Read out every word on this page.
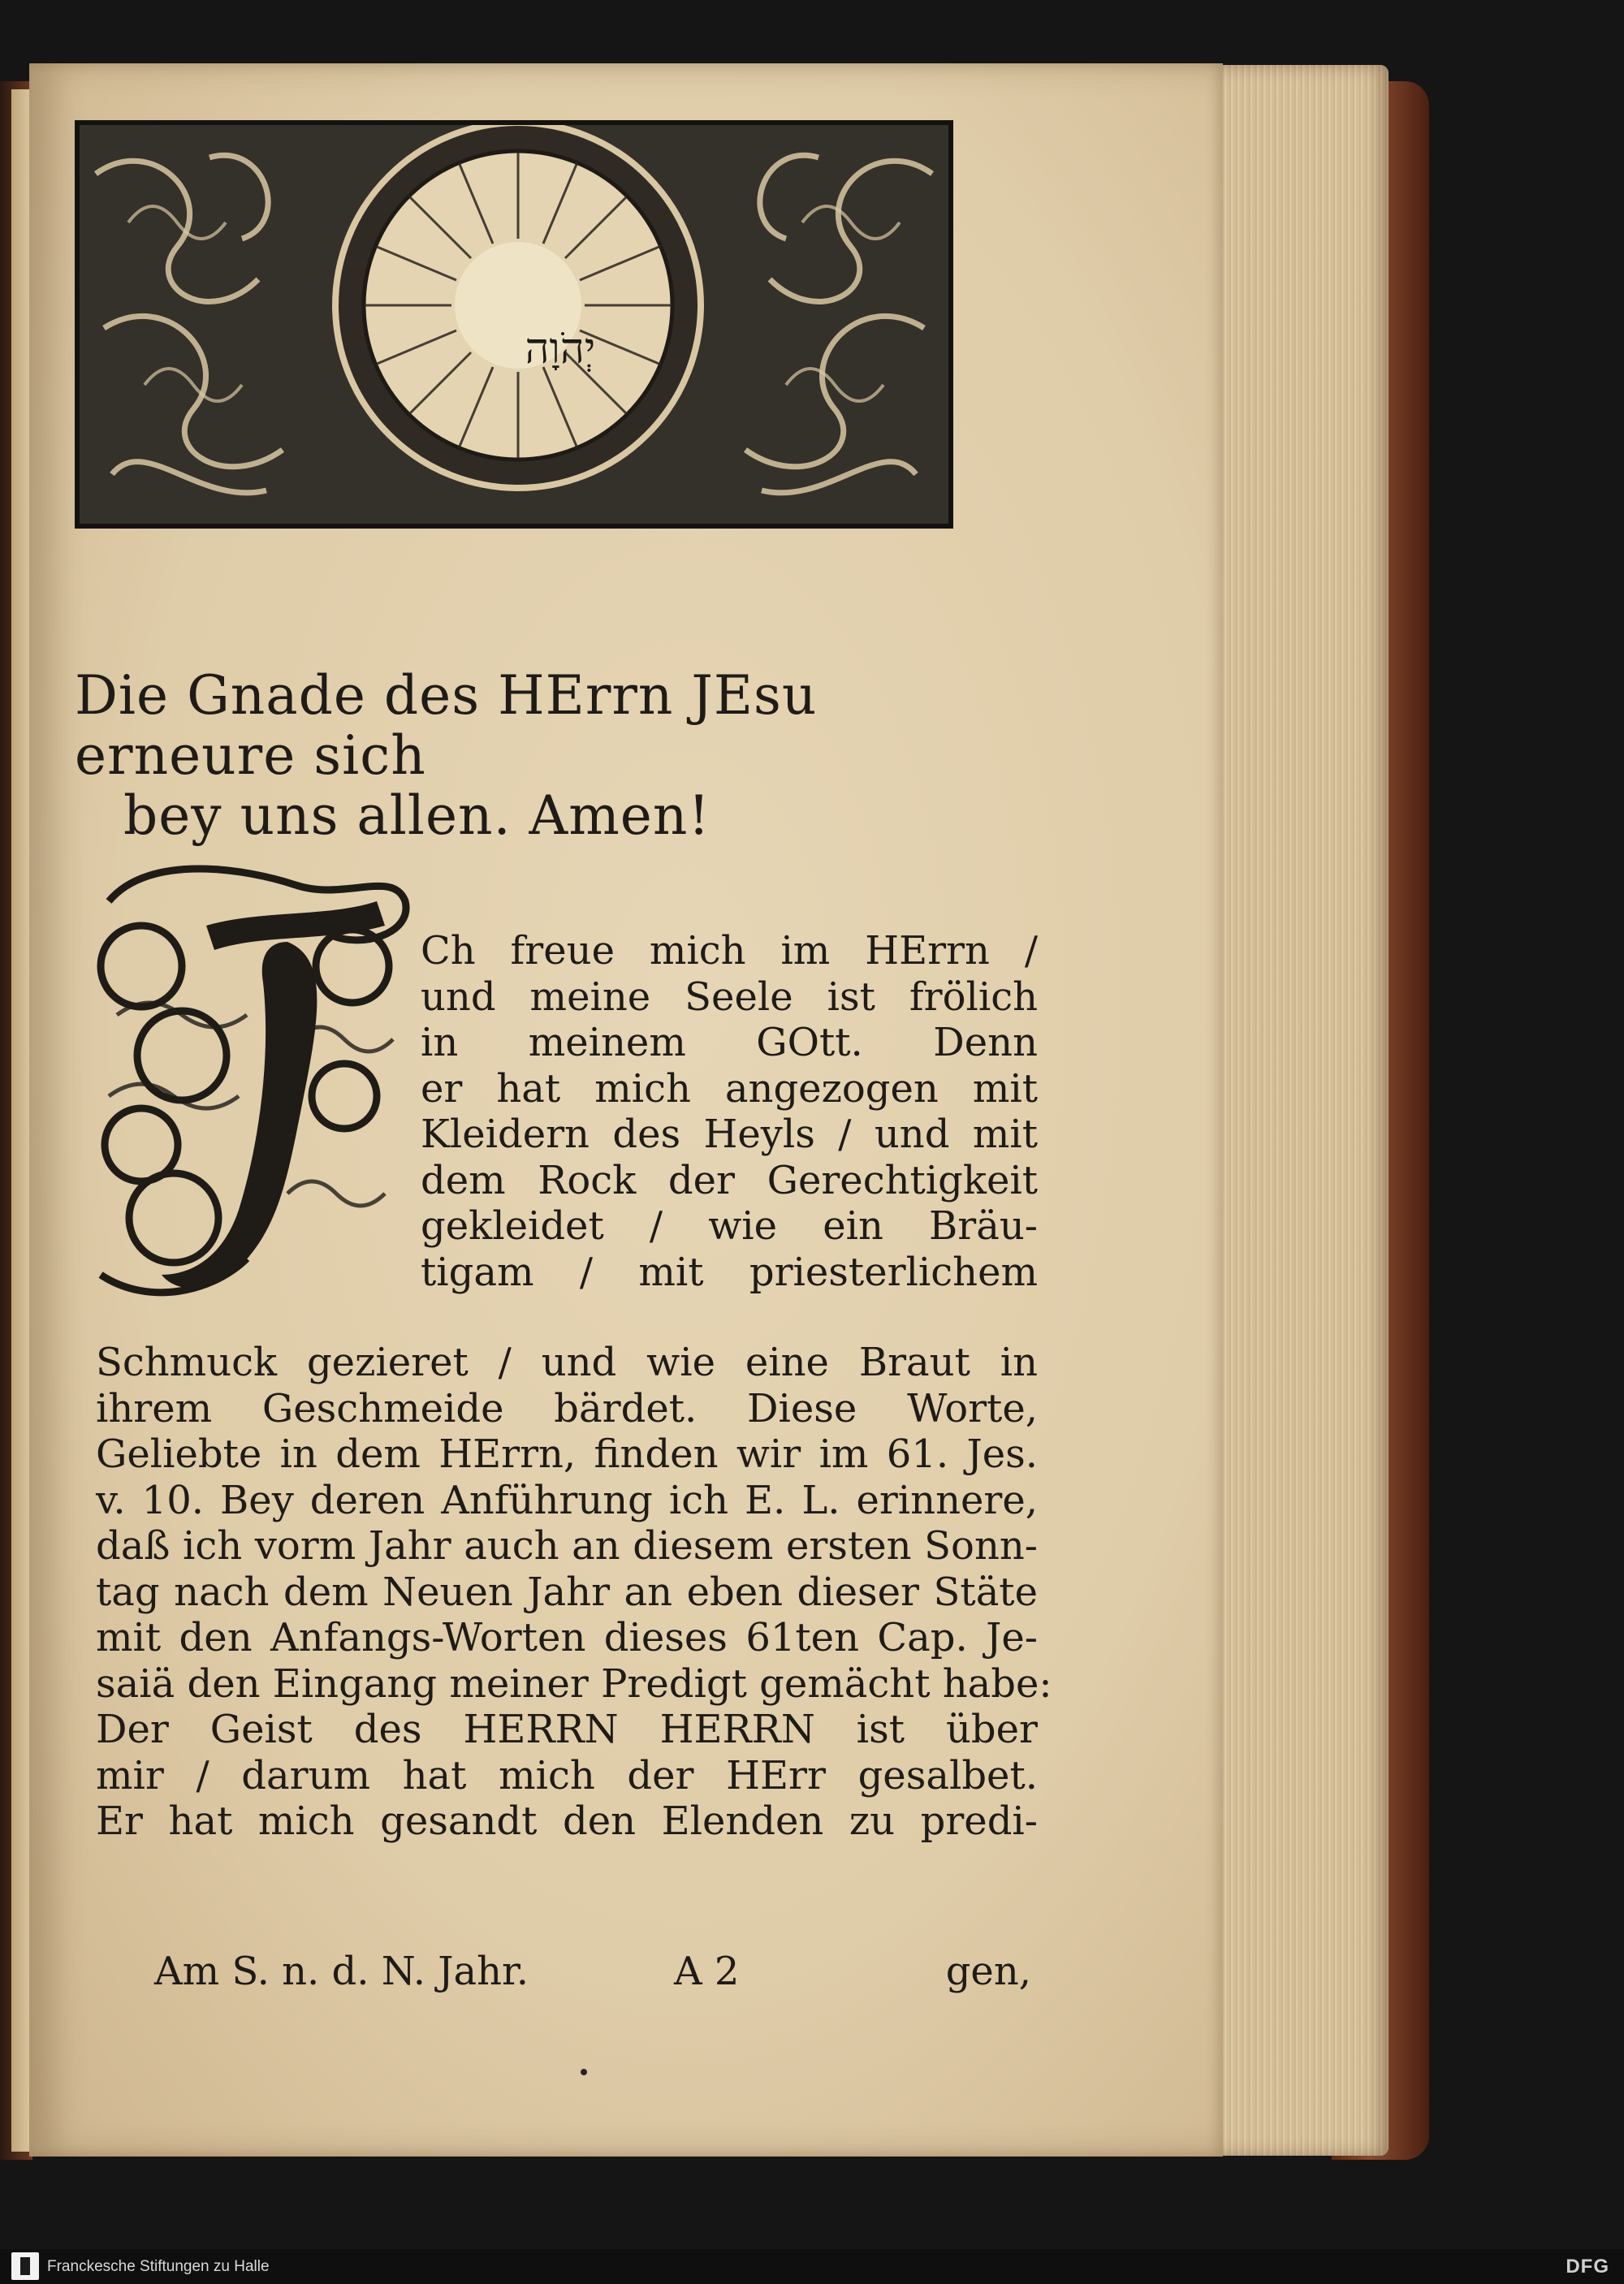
יְהֹוָה
Die Gnade des HErrn JEsu erneure sich
bey uns allen. Amen!
Ch freue mich im HErrn /
und meine Seele ist frölich
in meinem GOtt. Denn
er hat mich angezogen mit
Kleidern des Heyls / und mit
dem Rock der Gerechtigkeit
gekleidet / wie ein Bräu-
tigam / mit priesterlichem
Schmuck gezieret / und wie eine Braut in
ihrem Geschmeide bärdet. Diese Worte,
Geliebte in dem HErrn, finden wir im 61. Jes.
v. 10. Bey deren Anführung ich E. L. erinnere,
daß ich vorm Jahr auch an diesem ersten Sonn-
tag nach dem Neuen Jahr an eben dieser Stäte
mit den Anfangs-Worten dieses 61ten Cap. Je-
saiä den Eingang meiner Predigt gemächt habe:
Der Geist des HERRN HERRN ist über
mir / darum hat mich der HErr gesalbet.
Er hat mich gesandt den Elenden zu predi-
Am S. n. d. N. Jahr.	A 2	gen,
Franckesche Stiftungen zu Halle	DFG
